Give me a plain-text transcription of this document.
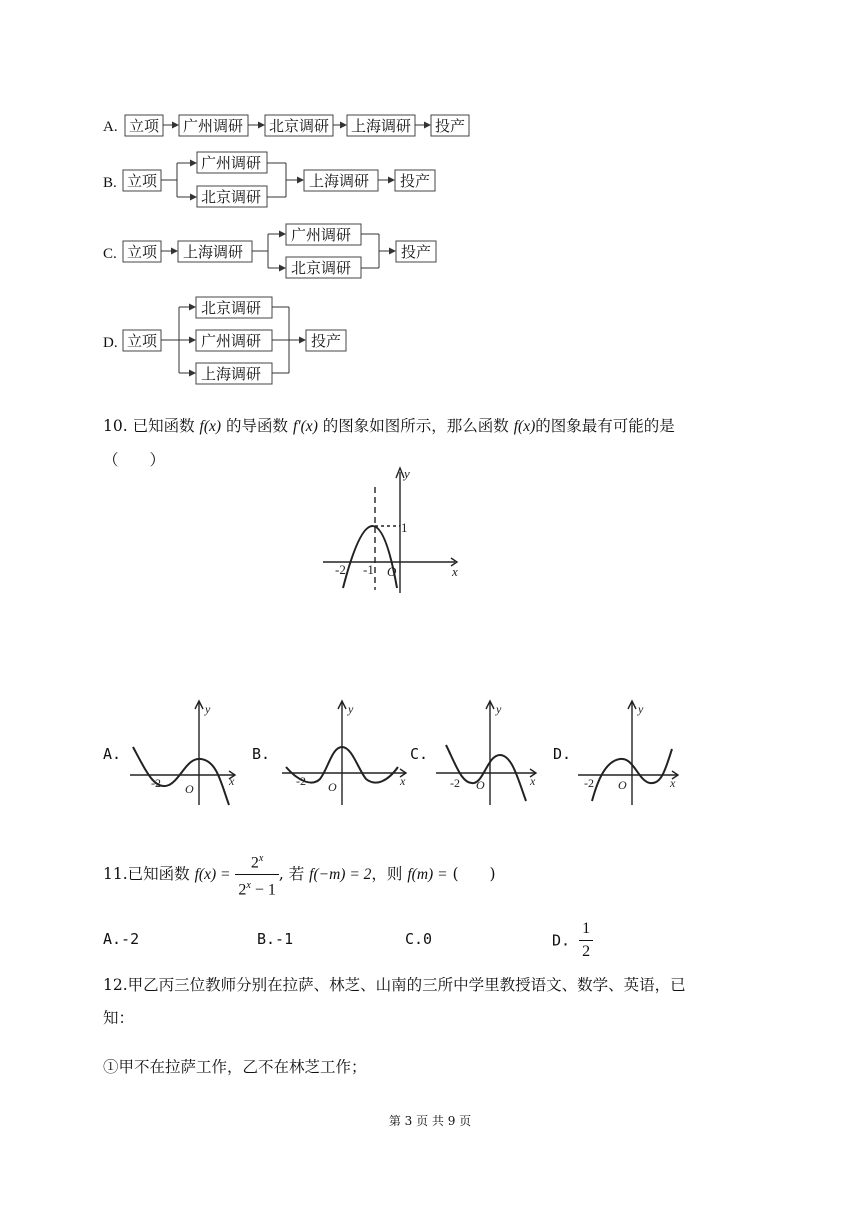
A. 立项 广州调研 北京调研 上海调研 投产
B. 立项
广州调研
北京调研
上海调研 投产
C. 立项 上海调研
广州调研
北京调研
投产
D. 立项
北京调研
广州调研
上海调研
投产
10. 已知函数 f(x) 的导函数 f′(x) 的图象如图所示，那么函数 f(x)的图象最有可能的是
（　　）
y
x
1
-2 -1 O
A.
y
x
-2 O
B.
y
x
-2 O
C.
y
x
-2 O
D.
y
x
-2 O
11.已知函数 $f(x) = \frac{2^x}{2^x - 1}$ , 若 f(−m) = 2，则 f(m) = (　　)
A.-2	B.-1	C.0	D. $\frac{1}{2}$
12.甲乙丙三位教师分别在拉萨、林芝、山南的三所中学里教授语文、数学、英语，已
知：
①甲不在拉萨工作，乙不在林芝工作；
第 3 页 共 9 页
